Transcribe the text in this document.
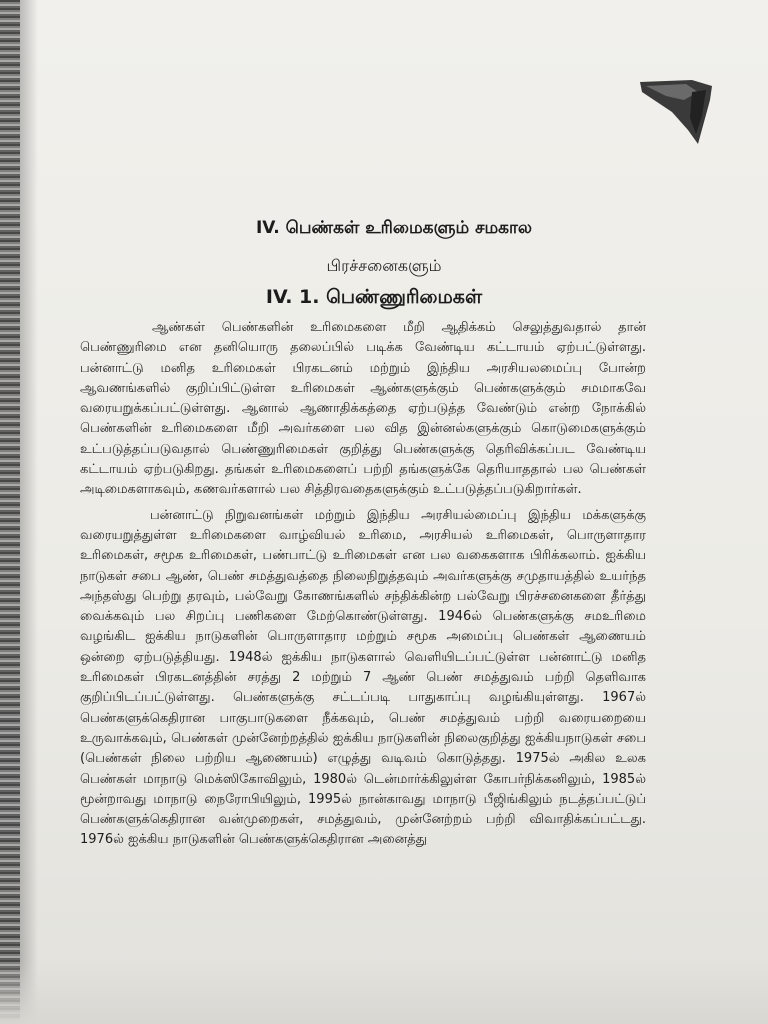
IV. பெண்கள் உரிமைகளும் சமகால
பிரச்சனைகளும்
IV. 1. பெண்ணுரிமைகள்

ஆண்கள் பெண்களின் உரிமைகளை மீறி ஆதிக்கம் செலுத்துவதால் தான் பெண்ணுரிமை என தனியொரு தலைப்பில் படிக்க வேண்டிய கட்டாயம் ஏற்பட்டுள்ளது. பன்னாட்டு மனித உரிமைகள் பிரகடனம் மற்றும் இந்திய அரசியலமைப்பு போன்ற ஆவணங்களில் குறிப்பிட்டுள்ள உரிமைகள் ஆண்களுக்கும் பெண்களுக்கும் சமமாகவே வரையறுக்கப்பட்டுள்ளது. ஆனால் ஆணாதிக்கத்தை ஏற்படுத்த வேண்டும் என்ற நோக்கில் பெண்களின் உரிமைகளை மீறி அவர்களை பல வித இன்னல்களுக்கும் கொடுமைகளுக்கும் உட்படுத்தப்படுவதால் பெண்ணுரிமைகள் குறித்து பெண்களுக்கு தெரிவிக்கப்பட வேண்டிய கட்டாயம் ஏற்படுகிறது. தங்கள் உரிமைகளைப் பற்றி தங்களுக்கே தெரியாததால் பல பெண்கள் அடிமைகளாகவும், கணவர்களால் பல சித்திரவதைகளுக்கும் உட்படுத்தப்படுகிறார்கள்.

பன்னாட்டு நிறுவனங்கள் மற்றும் இந்திய அரசியல்மைப்பு இந்திய மக்களுக்கு வரையறுத்துள்ள உரிமைகளை வாழ்வியல் உரிமை, அரசியல் உரிமைகள், பொருளாதார உரிமைகள், சமூக உரிமைகள், பண்பாட்டு உரிமைகள் என பல வகைகளாக பிரிக்கலாம். ஐக்கிய நாடுகள் சபை ஆண், பெண் சமத்துவத்தை நிலைநிறுத்தவும் அவர்களுக்கு சமுதாயத்தில் உயர்ந்த அந்தஸ்து பெற்று தரவும், பல்வேறு கோணங்களில் சந்திக்கின்ற பல்வேறு பிரச்சனைகளை தீர்த்து வைக்கவும் பல சிறப்பு பணிகளை மேற்கொண்டுள்ளது. 1946ல் பெண்களுக்கு சமஉரிமை வழங்கிட ஐக்கிய நாடுகளின் பொருளாதார மற்றும் சமூக அமைப்பு பெண்கள் ஆணையம் ஒன்றை ஏற்படுத்தியது. 1948ல் ஐக்கிய நாடுகளால் வெளியிடப்பட்டுள்ள பன்னாட்டு மனித உரிமைகள் பிரகடனத்தின் சரத்து 2 மற்றும் 7 ஆண் பெண் சமத்துவம் பற்றி தெளிவாக குறிப்பிடப்பட்டுள்ளது. பெண்களுக்கு சட்டப்படி பாதுகாப்பு வழங்கியுள்ளது. 1967ல் பெண்களுக்கெதிரான பாகுபாடுகளை நீக்கவும், பெண் சமத்துவம் பற்றி வரையறையை உருவாக்கவும், பெண்கள் முன்னேற்றத்தில் ஐக்கிய நாடுகளின் நிலைகுறித்து ஐக்கியநாடுகள் சபை (பெண்கள் நிலை பற்றிய ஆணையம்) எழுத்து வடிவம் கொடுத்தது. 1975ல் அகில உலக பெண்கள் மாநாடு மெக்ஸிகோவிலும், 1980ல் டென்மார்க்கிலுள்ள கோபர்நிக்கனிலும், 1985ல் மூன்றாவது மாநாடு நைரோபியிலும், 1995ல் நான்காவது மாநாடு பீஜிங்கிலும் நடத்தப்பட்டுப் பெண்களுக்கெதிரான வன்முறைகள், சமத்துவம், முன்னேற்றம் பற்றி விவாதிக்கப்பட்டது. 1976ல் ஐக்கிய நாடுகளின் பெண்களுக்கெதிரான அனைத்து
